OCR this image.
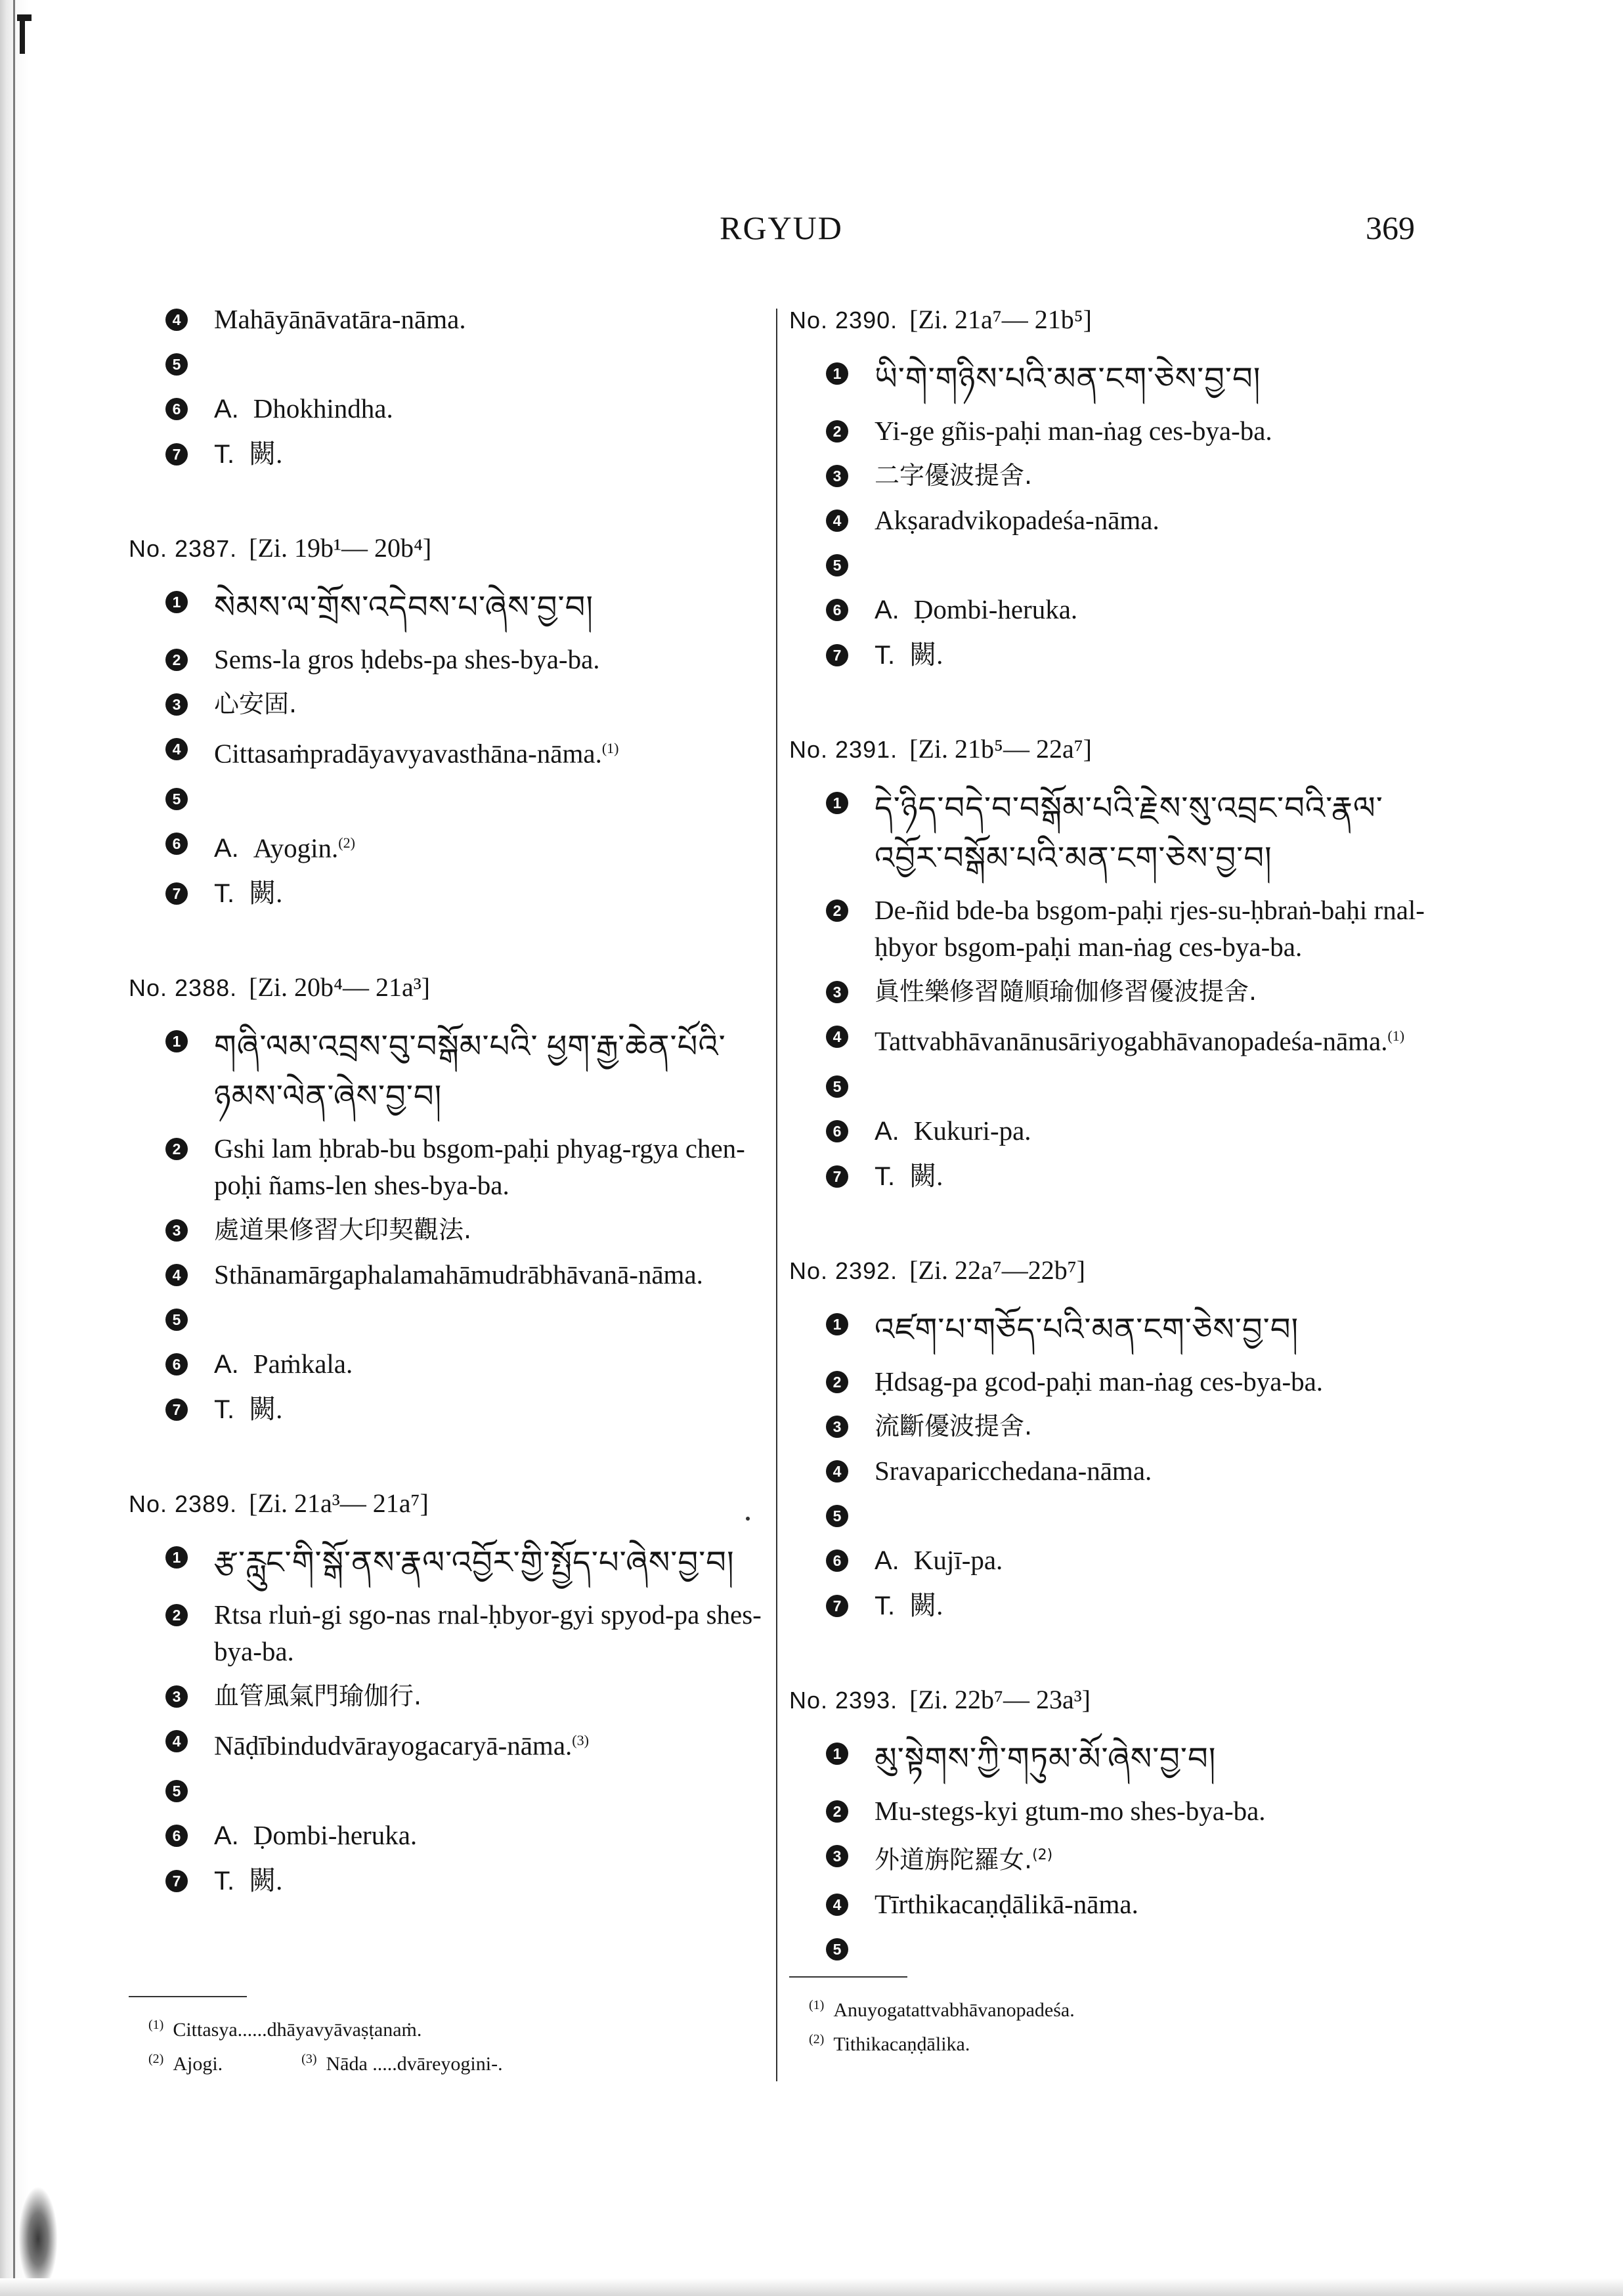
RGYUD	369
4 Mahāyānāvatāra-nāma.
5
6 A. Dhokhindha.
7 T. 闕.
No. 2387. [Zi. 19b¹— 20b⁴]
1 སེམས་ལ་གྲོས་འདེབས་པ་ཞེས་བྱ་བ།
2 Sems-la gros ḥdebs-pa shes-bya-ba.
3 心安固.
4 Cittasaṁpradāyavyavasthāna-nāma.$^{(1)}$
5
6 A. Ayogin.$^{(2)}$
7 T. 闕.
No. 2388. [Zi. 20b⁴— 21a³]
1 གཞི་ལམ་འབྲས་བུ་བསྒོམ་པའི་ ཕྱག་རྒྱ་ཆེན་པོའི་ ཉམས་ལེན་ཞེས་བྱ་བ།
2 Gshi lam ḥbrab-bu bsgom-paḥi phyag-rgya chen-poḥi ñams-len shes-bya-ba.
3 處道果修習大印契觀法.
4 Sthānamārgaphalamahāmudrābhāvanā-nāma.
5
6 A. Paṁkala.
7 T. 闕.
No. 2389. [Zi. 21a³— 21a⁷]
1 རྩ་རླུང་གི་སྒོ་ནས་རྣལ་འབྱོར་གྱི་སྤྱོད་པ་ཞེས་བྱ་བ།
2 Rtsa rluṅ-gi sgo-nas rnal-ḥbyor-gyi spyod-pa shes-bya-ba.
3 血管風氣門瑜伽行.
4 Nāḍībindudvārayogacaryā-nāma.$^{(3)}$
5
6 A. Ḍombi-heruka.
7 T. 闕.
No. 2390. [Zi. 21a⁷— 21b⁵]
1 ཡི་གེ་གཉིས་པའི་མན་ངག་ཅེས་བྱ་བ།
2 Yi-ge gñis-paḥi man-ṅag ces-bya-ba.
3 二字優波提舍.
4 Akṣaradvikopadeśa-nāma.
5
6 A. Ḍombi-heruka.
7 T. 闕.
No. 2391. [Zi. 21b⁵— 22a⁷]
1 དེ་ཉིད་བདེ་བ་བསྒོམ་པའི་རྗེས་སུ་འབྲང་བའི་རྣལ་འབྱོར་བསྒོམ་པའི་མན་ངག་ཅེས་བྱ་བ།
2 De-ñid bde-ba bsgom-paḥi rjes-su-ḥbraṅ-baḥi rnal-ḥbyor bsgom-paḥi man-ṅag ces-bya-ba.
3 眞性樂修習隨順瑜伽修習優波提舍.
4 Tattvabhāvanānusāriyogabhāvanopadeśa-nāma.$^{(1)}$
5
6 A. Kukuri-pa.
7 T. 闕.
No. 2392. [Zi. 22a⁷—22b⁷]
1 འཛག་པ་གཅོད་པའི་མན་ངག་ཅེས་བྱ་བ།
2 Ḥdsag-pa gcod-paḥi man-ṅag ces-bya-ba.
3 流斷優波提舍.
4 Sravaparicchedana-nāma.
5
6 A. Kujī-pa.
7 T. 闕.
No. 2393. [Zi. 22b⁷— 23a³]
1 མུ་སྟེགས་ཀྱི་གཏུམ་མོ་ཞེས་བྱ་བ།
2 Mu-stegs-kyi gtum-mo shes-bya-ba.
3 外道旃陀羅女.$^{(2)}$
4 Tīrthikacaṇḍālikā-nāma.
5
$^{(1)}$ Cittasya......dhāyavyāvaṣṭanaṁ.
$^{(2)}$ Ajogi.	$^{(3)}$ Nāda .....dvāreyogini-.
$^{(1)}$ Anuyogatattvabhāvanopadeśa.
$^{(2)}$ Tithikacaṇḍālika.
